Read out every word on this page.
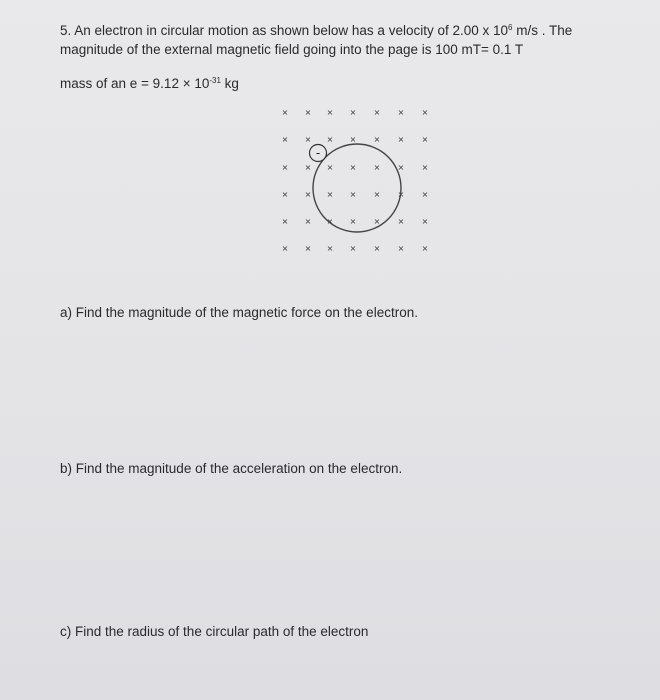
5. An electron in circular motion as shown below has a velocity of 2.00 x $10^6$ m/s . The
magnitude of the external magnetic field going into the page is 100 mT= 0.1 T
mass of an $e = 9.12 \times 10^{-31}$ kg
× × × × × × ×
× × × × × × ×
× × × × × × ×
× × × × × × ×
× × × × × × ×
× × × × × × ×
-
a) Find the magnitude of the magnetic force on the electron.
b) Find the magnitude of the acceleration on the electron.
c) Find the radius of the circular path of the electron
